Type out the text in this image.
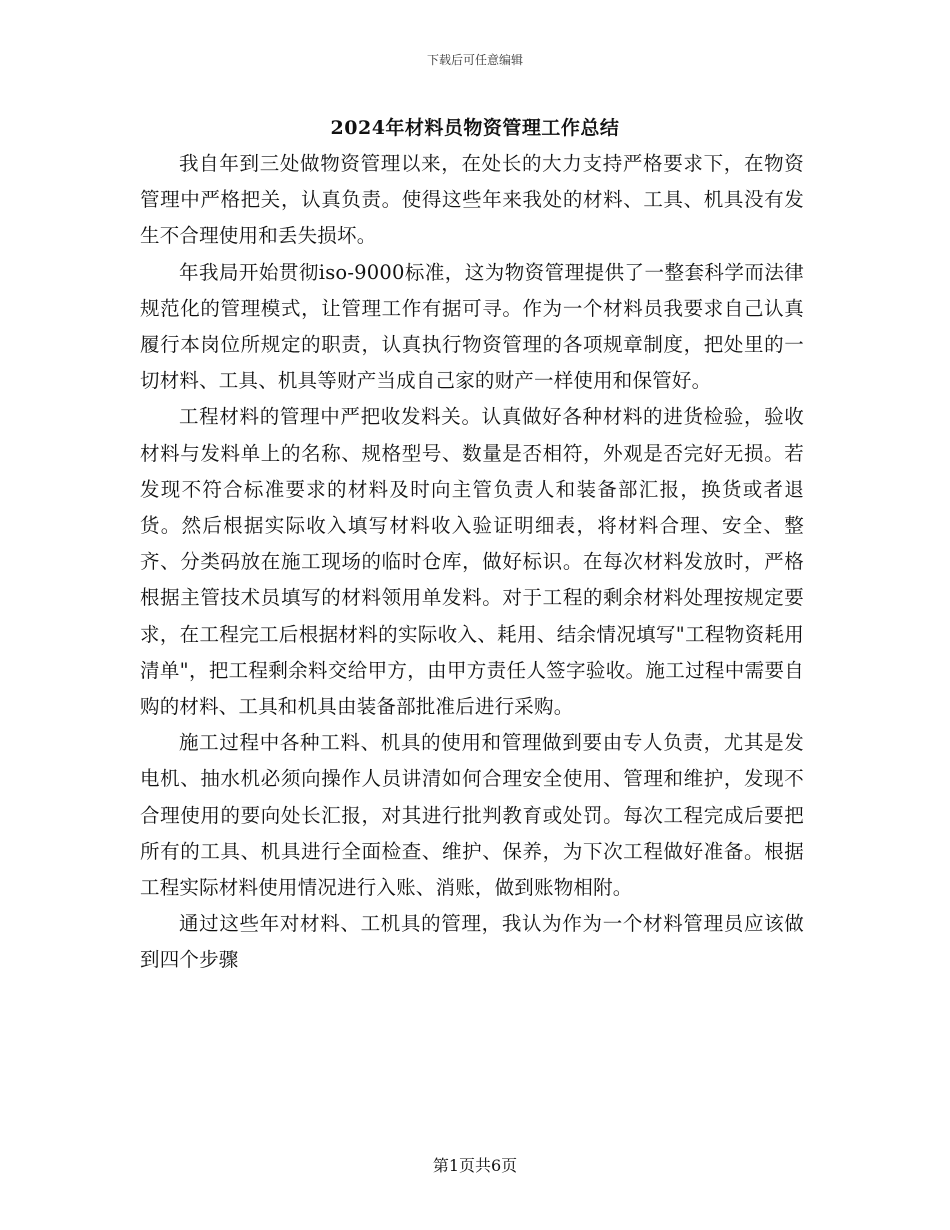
下载后可任意编辑
2024年材料员物资管理工作总结

我自年到三处做物资管理以来，在处长的大力支持严格要求下，在物资管理中严格把关，认真负责。使得这些年来我处的材料、工具、机具没有发生不合理使用和丢失损坏。

年我局开始贯彻iso-9000标准，这为物资管理提供了一整套科学而法律规范化的管理模式，让管理工作有据可寻。作为一个材料员我要求自己认真履行本岗位所规定的职责，认真执行物资管理的各项规章制度，把处里的一切材料、工具、机具等财产当成自己家的财产一样使用和保管好。

工程材料的管理中严把收发料关。认真做好各种材料的进货检验，验收材料与发料单上的名称、规格型号、数量是否相符，外观是否完好无损。若发现不符合标准要求的材料及时向主管负责人和装备部汇报，换货或者退货。然后根据实际收入填写材料收入验证明细表，将材料合理、安全、整齐、分类码放在施工现场的临时仓库，做好标识。在每次材料发放时，严格根据主管技术员填写的材料领用单发料。对于工程的剩余材料处理按规定要求，在工程完工后根据材料的实际收入、耗用、结余情况填写"工程物资耗用清单"，把工程剩余料交给甲方，由甲方责任人签字验收。施工过程中需要自购的材料、工具和机具由装备部批准后进行采购。

施工过程中各种工料、机具的使用和管理做到要由专人负责，尤其是发电机、抽水机必须向操作人员讲清如何合理安全使用、管理和维护，发现不合理使用的要向处长汇报，对其进行批判教育或处罚。每次工程完成后要把所有的工具、机具进行全面检查、维护、保养，为下次工程做好准备。根据工程实际材料使用情况进行入账、消账，做到账物相附。

通过这些年对材料、工机具的管理，我认为作为一个材料管理员应该做到四个步骤

第1页共6页
